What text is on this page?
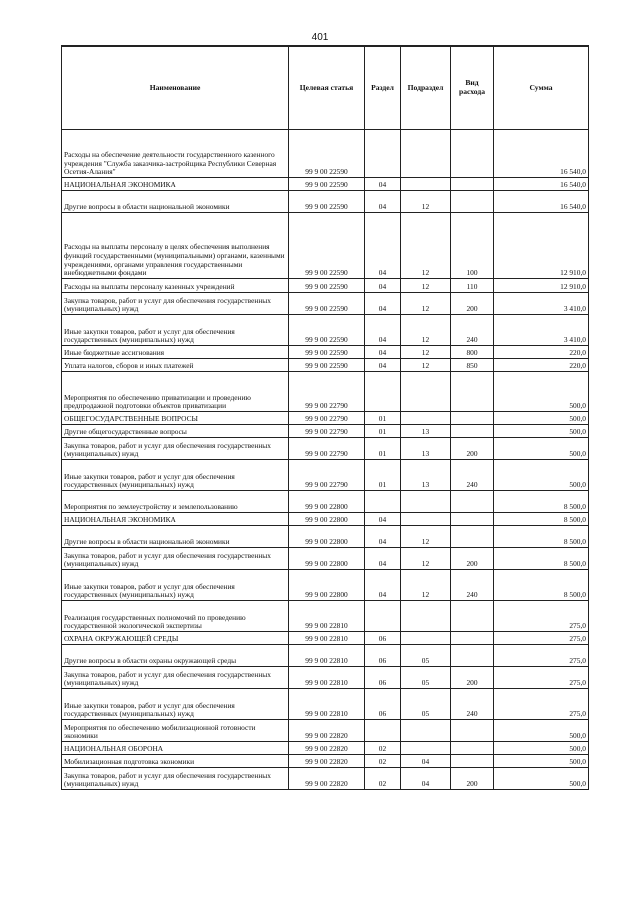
401
Наименование	Целевая статья	Раздел	Подраздел	Вид расхода	Сумма
Расходы на обеспечение деятельности государственного казенного учреждения "Служба заказчика-застройщика Республики Северная Осетия-Алания"	99 9 00 22590				16 540,0
НАЦИОНАЛЬНАЯ ЭКОНОМИКА	99 9 00 22590	04			16 540,0
Другие вопросы в области национальной экономики	99 9 00 22590	04	12		16 540,0
Расходы на выплаты персоналу в целях обеспечения выполнения функций государственными (муниципальными) органами, казенными учреждениями, органами управления государственными внебюджетными фондами	99 9 00 22590	04	12	100	12 910,0
Расходы на выплаты персоналу казенных учреждений	99 9 00 22590	04	12	110	12 910,0
Закупка товаров, работ и услуг для обеспечения государственных (муниципальных) нужд	99 9 00 22590	04	12	200	3 410,0
Иные закупки товаров, работ и услуг для обеспечения государственных (муниципальных) нужд	99 9 00 22590	04	12	240	3 410,0
Иные бюджетные ассигнования	99 9 00 22590	04	12	800	220,0
Уплата налогов, сборов и иных платежей	99 9 00 22590	04	12	850	220,0
Мероприятия по обеспечению приватизации и проведению предпродажной подготовки объектов приватизации	99 9 00 22790				500,0
ОБЩЕГОСУДАРСТВЕННЫЕ ВОПРОСЫ	99 9 00 22790	01			500,0
Другие общегосударственные вопросы	99 9 00 22790	01	13		500,0
Закупка товаров, работ и услуг для обеспечения государственных (муниципальных) нужд	99 9 00 22790	01	13	200	500,0
Иные закупки товаров, работ и услуг для обеспечения государственных (муниципальных) нужд	99 9 00 22790	01	13	240	500,0
Мероприятия по землеустройству и землепользованию	99 9 00 22800				8 500,0
НАЦИОНАЛЬНАЯ ЭКОНОМИКА	99 9 00 22800	04			8 500,0
Другие вопросы в области национальной экономики	99 9 00 22800	04	12		8 500,0
Закупка товаров, работ и услуг для обеспечения государственных (муниципальных) нужд	99 9 00 22800	04	12	200	8 500,0
Иные закупки товаров, работ и услуг для обеспечения государственных (муниципальных) нужд	99 9 00 22800	04	12	240	8 500,0
Реализация государственных полномочий по проведению государственной экологической экспертизы	99 9 00 22810				275,0
ОХРАНА ОКРУЖАЮЩЕЙ СРЕДЫ	99 9 00 22810	06			275,0
Другие вопросы в области охраны окружающей среды	99 9 00 22810	06	05		275,0
Закупка товаров, работ и услуг для обеспечения государственных (муниципальных) нужд	99 9 00 22810	06	05	200	275,0
Иные закупки товаров, работ и услуг для обеспечения государственных (муниципальных) нужд	99 9 00 22810	06	05	240	275,0
Мероприятия по обеспечению мобилизационной готовности экономики	99 9 00 22820				500,0
НАЦИОНАЛЬНАЯ ОБОРОНА	99 9 00 22820	02			500,0
Мобилизационная подготовка экономики	99 9 00 22820	02	04		500,0
Закупка товаров, работ и услуг для обеспечения государственных (муниципальных) нужд	99 9 00 22820	02	04	200	500,0
